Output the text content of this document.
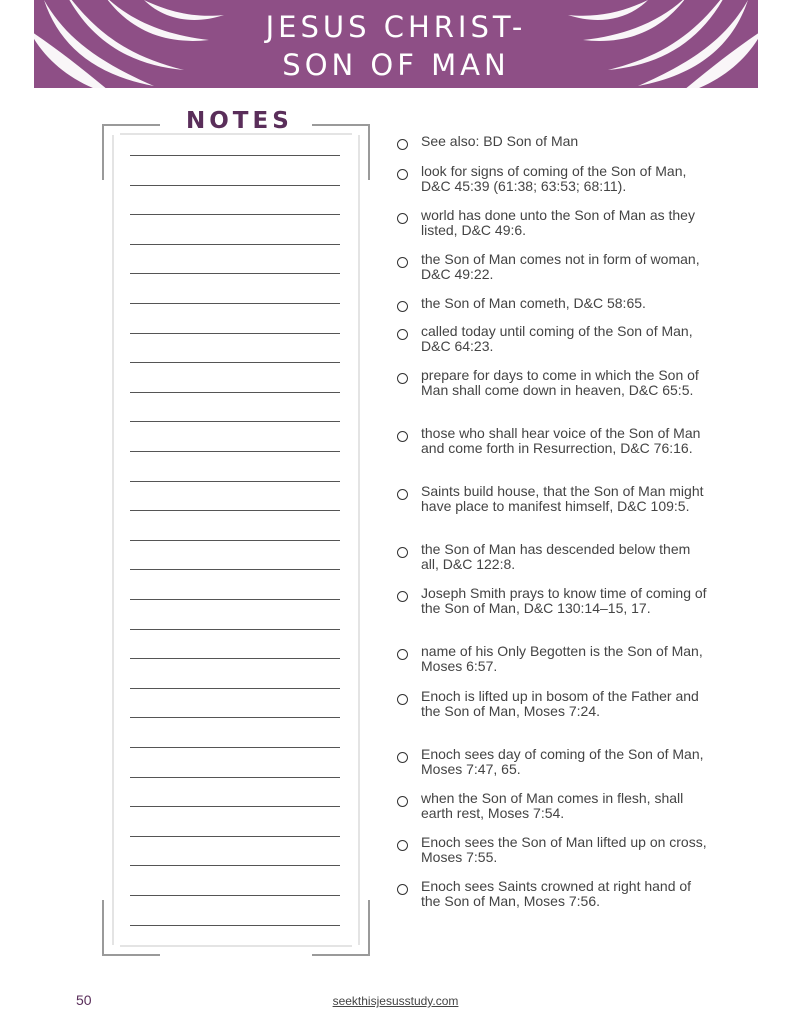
JESUS CHRIST-
SON OF MAN
NOTES
See also: BD Son of Man
look for signs of coming of the Son of Man, D&C 45:39 (61:38; 63:53; 68:11).
world has done unto the Son of Man as they listed, D&C 49:6.
the Son of Man comes not in form of woman, D&C 49:22.
the Son of Man cometh, D&C 58:65.
called today until coming of the Son of Man, D&C 64:23.
prepare for days to come in which the Son of Man shall come down in heaven, D&C 65:5.
those who shall hear voice of the Son of Man and come forth in Resurrection, D&C 76:16.
Saints build house, that the Son of Man might have place to manifest himself, D&C 109:5.
the Son of Man has descended below them all, D&C 122:8.
Joseph Smith prays to know time of coming of the Son of Man, D&C 130:14–15, 17.
name of his Only Begotten is the Son of Man, Moses 6:57.
Enoch is lifted up in bosom of the Father and the Son of Man, Moses 7:24.
Enoch sees day of coming of the Son of Man, Moses 7:47, 65.
when the Son of Man comes in flesh, shall earth rest, Moses 7:54.
Enoch sees the Son of Man lifted up on cross, Moses 7:55.
Enoch sees Saints crowned at right hand of the Son of Man, Moses 7:56.
50	seekthisjesusstudy.com
